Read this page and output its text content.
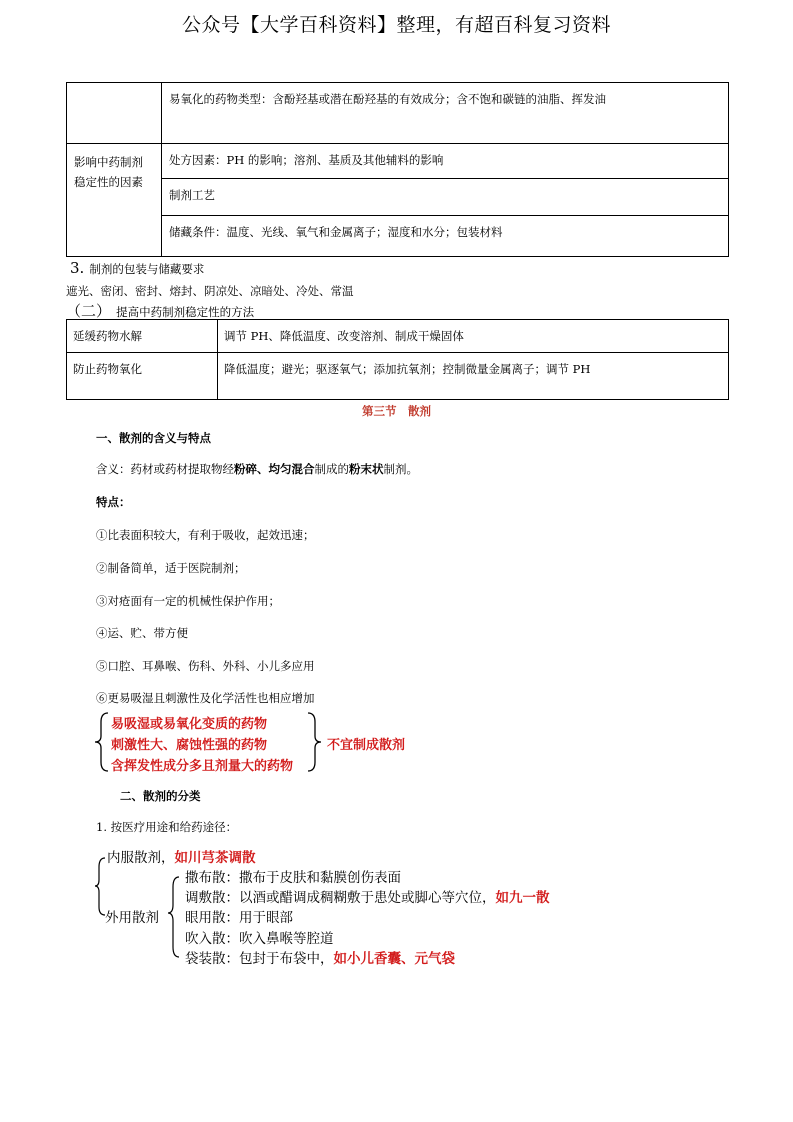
公众号【大学百科资料】整理，有超百科复习资料
	易氧化的药物类型：含酚羟基或潜在酚羟基的有效成分；含不饱和碳链的油脂、挥发油
影响中药制剂
稳定性的因素	处方因素：PH 的影响；溶剂、基质及其他辅料的影响
	制剂工艺
	储藏条件：温度、光线、氧气和金属离子；湿度和水分；包装材料
3. 制剂的包装与储藏要求
遮光、密闭、密封、熔封、阴凉处、凉暗处、冷处、常温
（二） 提高中药制剂稳定性的方法
延缓药物水解	调节 PH、降低温度、改变溶剂、制成干燥固体
防止药物氧化	降低温度；避光；驱逐氧气；添加抗氧剂；控制微量金属离子；调节 PH
第三节　散剂
一、散剂的含义与特点
含义：药材或药材提取物经粉碎、均匀混合制成的粉末状制剂。
特点：
①比表面积较大，有利于吸收，起效迅速；
②制备简单，适于医院制剂；
③对疮面有一定的机械性保护作用；
④运、贮、带方便
⑤口腔、耳鼻喉、伤科、外科、小儿多应用
⑥更易吸湿且刺激性及化学活性也相应增加
易吸湿或易氧化变质的药物
刺激性大、腐蚀性强的药物
含挥发性成分多且剂量大的药物
不宜制成散剂
二、散剂的分类
1. 按医疗用途和给药途径：
内服散剂，如川芎茶调散
外用散剂
撒布散：撒布于皮肤和黏膜创伤表面
调敷散：以酒或醋调成稠糊敷于患处或脚心等穴位，如九一散
眼用散：用于眼部
吹入散：吹入鼻喉等腔道
袋装散：包封于布袋中，如小儿香囊、元气袋
